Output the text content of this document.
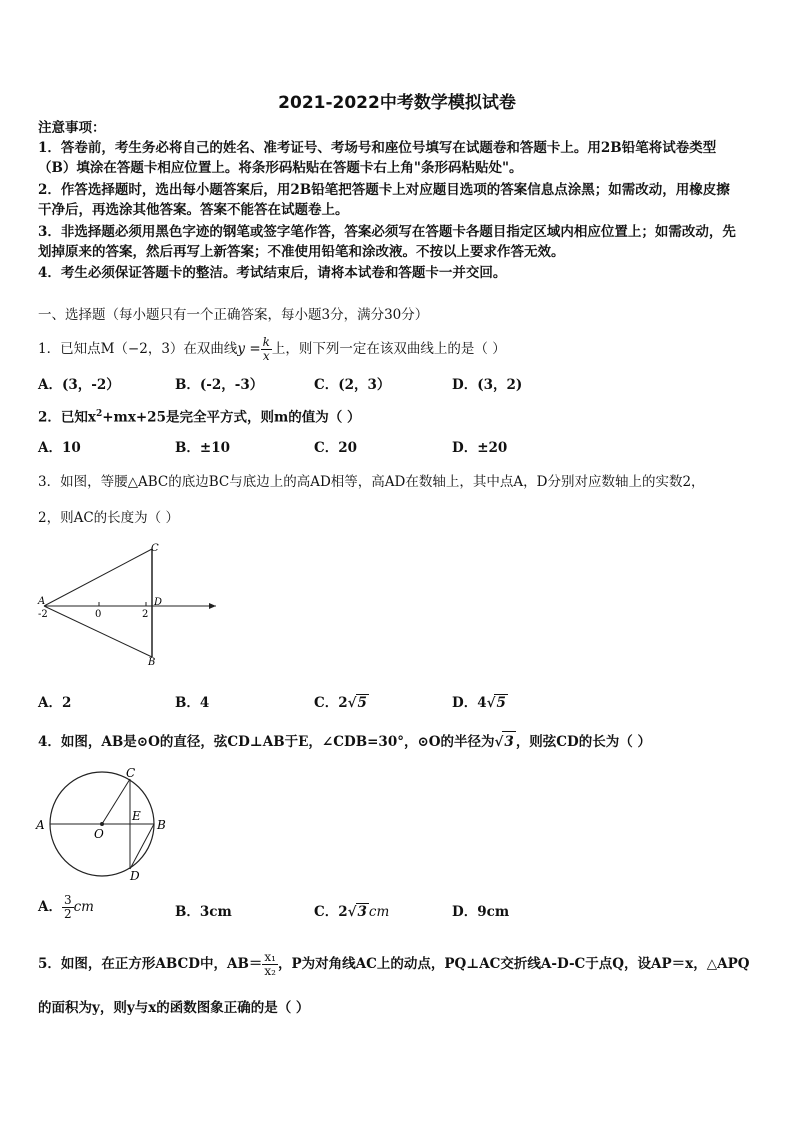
2021-2022中考数学模拟试卷
注意事项：
1．答卷前，考生务必将自己的姓名、准考证号、考场号和座位号填写在试题卷和答题卡上。用2B铅笔将试卷类型
（B）填涂在答题卡相应位置上。将条形码粘贴在答题卡右上角"条形码粘贴处"。
2．作答选择题时，选出每小题答案后，用2B铅笔把答题卡上对应题目选项的答案信息点涂黑；如需改动，用橡皮擦
干净后，再选涂其他答案。答案不能答在试题卷上。
3．非选择题必须用黑色字迹的钢笔或签字笔作答，答案必须写在答题卡各题目指定区域内相应位置上；如需改动，先
划掉原来的答案，然后再写上新答案；不准使用铅笔和涂改液。不按以上要求作答无效。
4．考生必须保证答题卡的整洁。考试结束后，请将本试卷和答题卡一并交回。
一、选择题（每小题只有一个正确答案，每小题3分，满分30分）
1．已知点M（−2，3）在双曲线$y = \frac{k}{x}$ 上，则下列一定在该双曲线上的是（ ）
A．(3，-2）	B．(-2，-3）	C．(2，3）	D．(3，2)
2．已知$x^2+mx+25$是完全平方式，则m的值为（ ）
A．10	B．±10	C．20	D．±20
3．如图，等腰△ABC的底边BC与底边上的高AD相等，高AD在数轴上，其中点A，D分别对应数轴上的实数2，
2，则AC的长度为（ ）
C
A	D
B
-2	0	2
A．2	B．4	C．2√5	D．4√5
4．如图，AB是⊙O的直径，弦CD⊥AB于E，∠CDB=30°，⊙O的半径为√3 ，则弦CD的长为（ ）
A	B
C
D
E
O
A． $\frac{3}{2}$ cm	B．3cm	C．2√3 cm	D．9cm
5．如图，在正方形ABCD中，$AB= \frac{\text{x₁}}{\text{x₂}}$ ，P为对角线AC上的动点，PQ⊥AC交折线A-D-C于点Q，设AP＝x，△APQ
的面积为y，则y与x的函数图象正确的是（ ）
